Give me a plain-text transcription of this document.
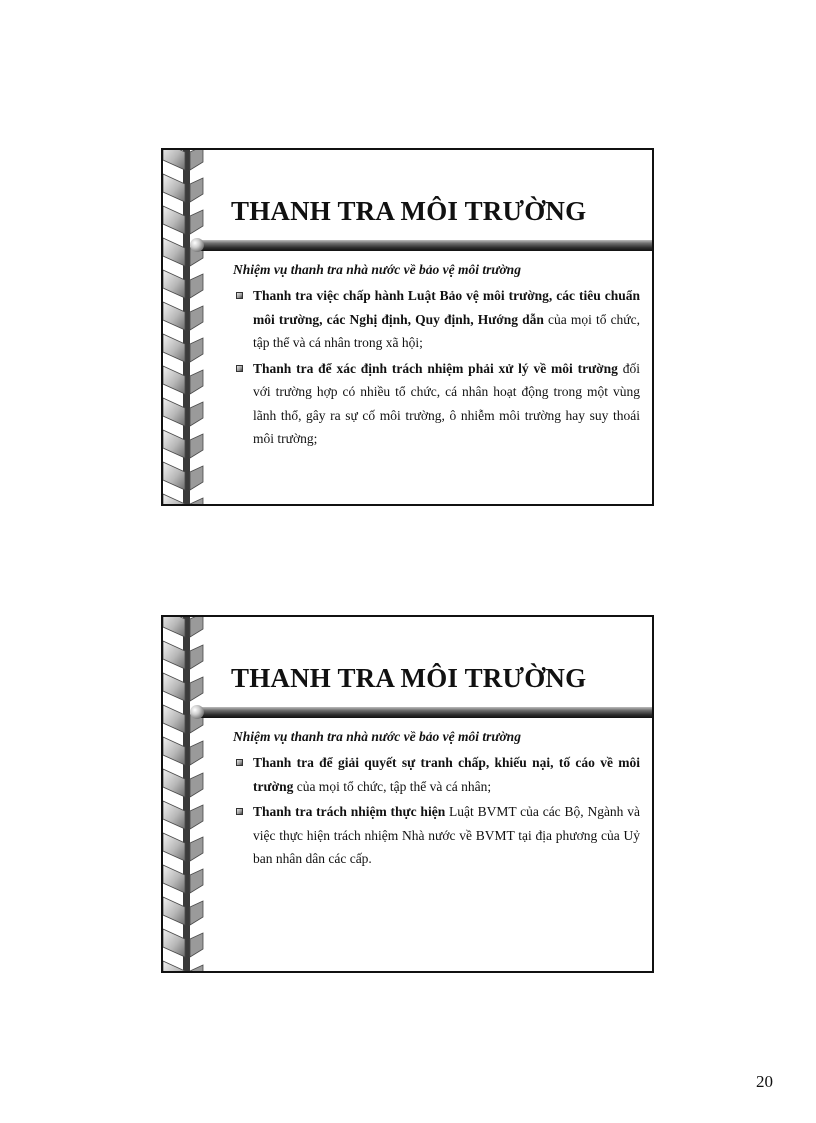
THANH TRA MÔI TRƯỜNG
Nhiệm vụ thanh tra nhà nước về bảo vệ môi trường
Thanh tra việc chấp hành Luật Bảo vệ môi trường, các tiêu chuẩn môi trường, các Nghị định, Quy định, Hướng dẫn của mọi tổ chức, tập thể và cá nhân trong xã hội;
Thanh tra để xác định trách nhiệm phải xử lý về môi trường đối với trường hợp có nhiều tổ chức, cá nhân hoạt động trong một vùng lãnh thổ, gây ra sự cố môi trường, ô nhiễm môi trường hay suy thoái môi trường;
THANH TRA MÔI TRƯỜNG
Nhiệm vụ thanh tra nhà nước về bảo vệ môi trường
Thanh tra để giải quyết sự tranh chấp, khiếu nại, tố cáo về môi trường của mọi tổ chức, tập thể và cá nhân;
Thanh tra trách nhiệm thực hiện Luật BVMT của các Bộ, Ngành và việc thực hiện trách nhiệm Nhà nước về BVMT tại địa phương của Uỷ ban nhân dân các cấp.
20
